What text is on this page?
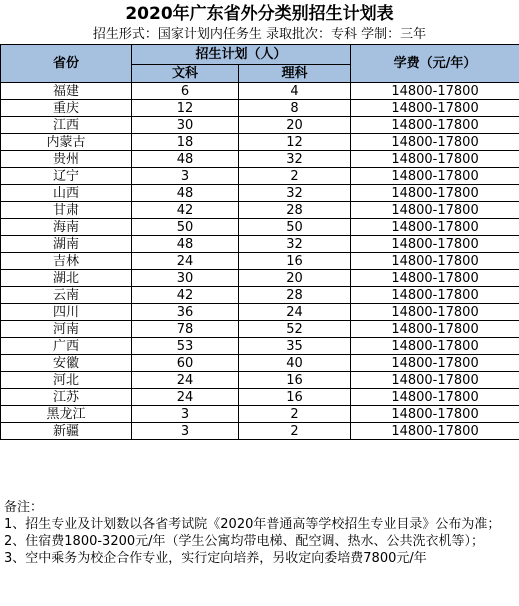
2020年广东省外分类别招生计划表
招生形式：国家计划内任务生 录取批次：专科 学制：三年
省份	招生计划（人）		学费（元/年）
	文科	理科	
福建	6	4	14800-17800
重庆	12	8	14800-17800
江西	30	20	14800-17800
内蒙古	18	12	14800-17800
贵州	48	32	14800-17800
辽宁	3	2	14800-17800
山西	48	32	14800-17800
甘肃	42	28	14800-17800
海南	50	50	14800-17800
湖南	48	32	14800-17800
吉林	24	16	14800-17800
湖北	30	20	14800-17800
云南	42	28	14800-17800
四川	36	24	14800-17800
河南	78	52	14800-17800
广西	53	35	14800-17800
安徽	60	40	14800-17800
河北	24	16	14800-17800
江苏	24	16	14800-17800
黑龙江	3	2	14800-17800
新疆	3	2	14800-17800
备注：
1、招生专业及计划数以各省考试院《2020年普通高等学校招生专业目录》公布为准；
2、住宿费1800-3200元/年（学生公寓均带电梯、配空调、热水、公共洗衣机等）；
3、空中乘务为校企合作专业，实行定向培养，另收定向委培费7800元/年
